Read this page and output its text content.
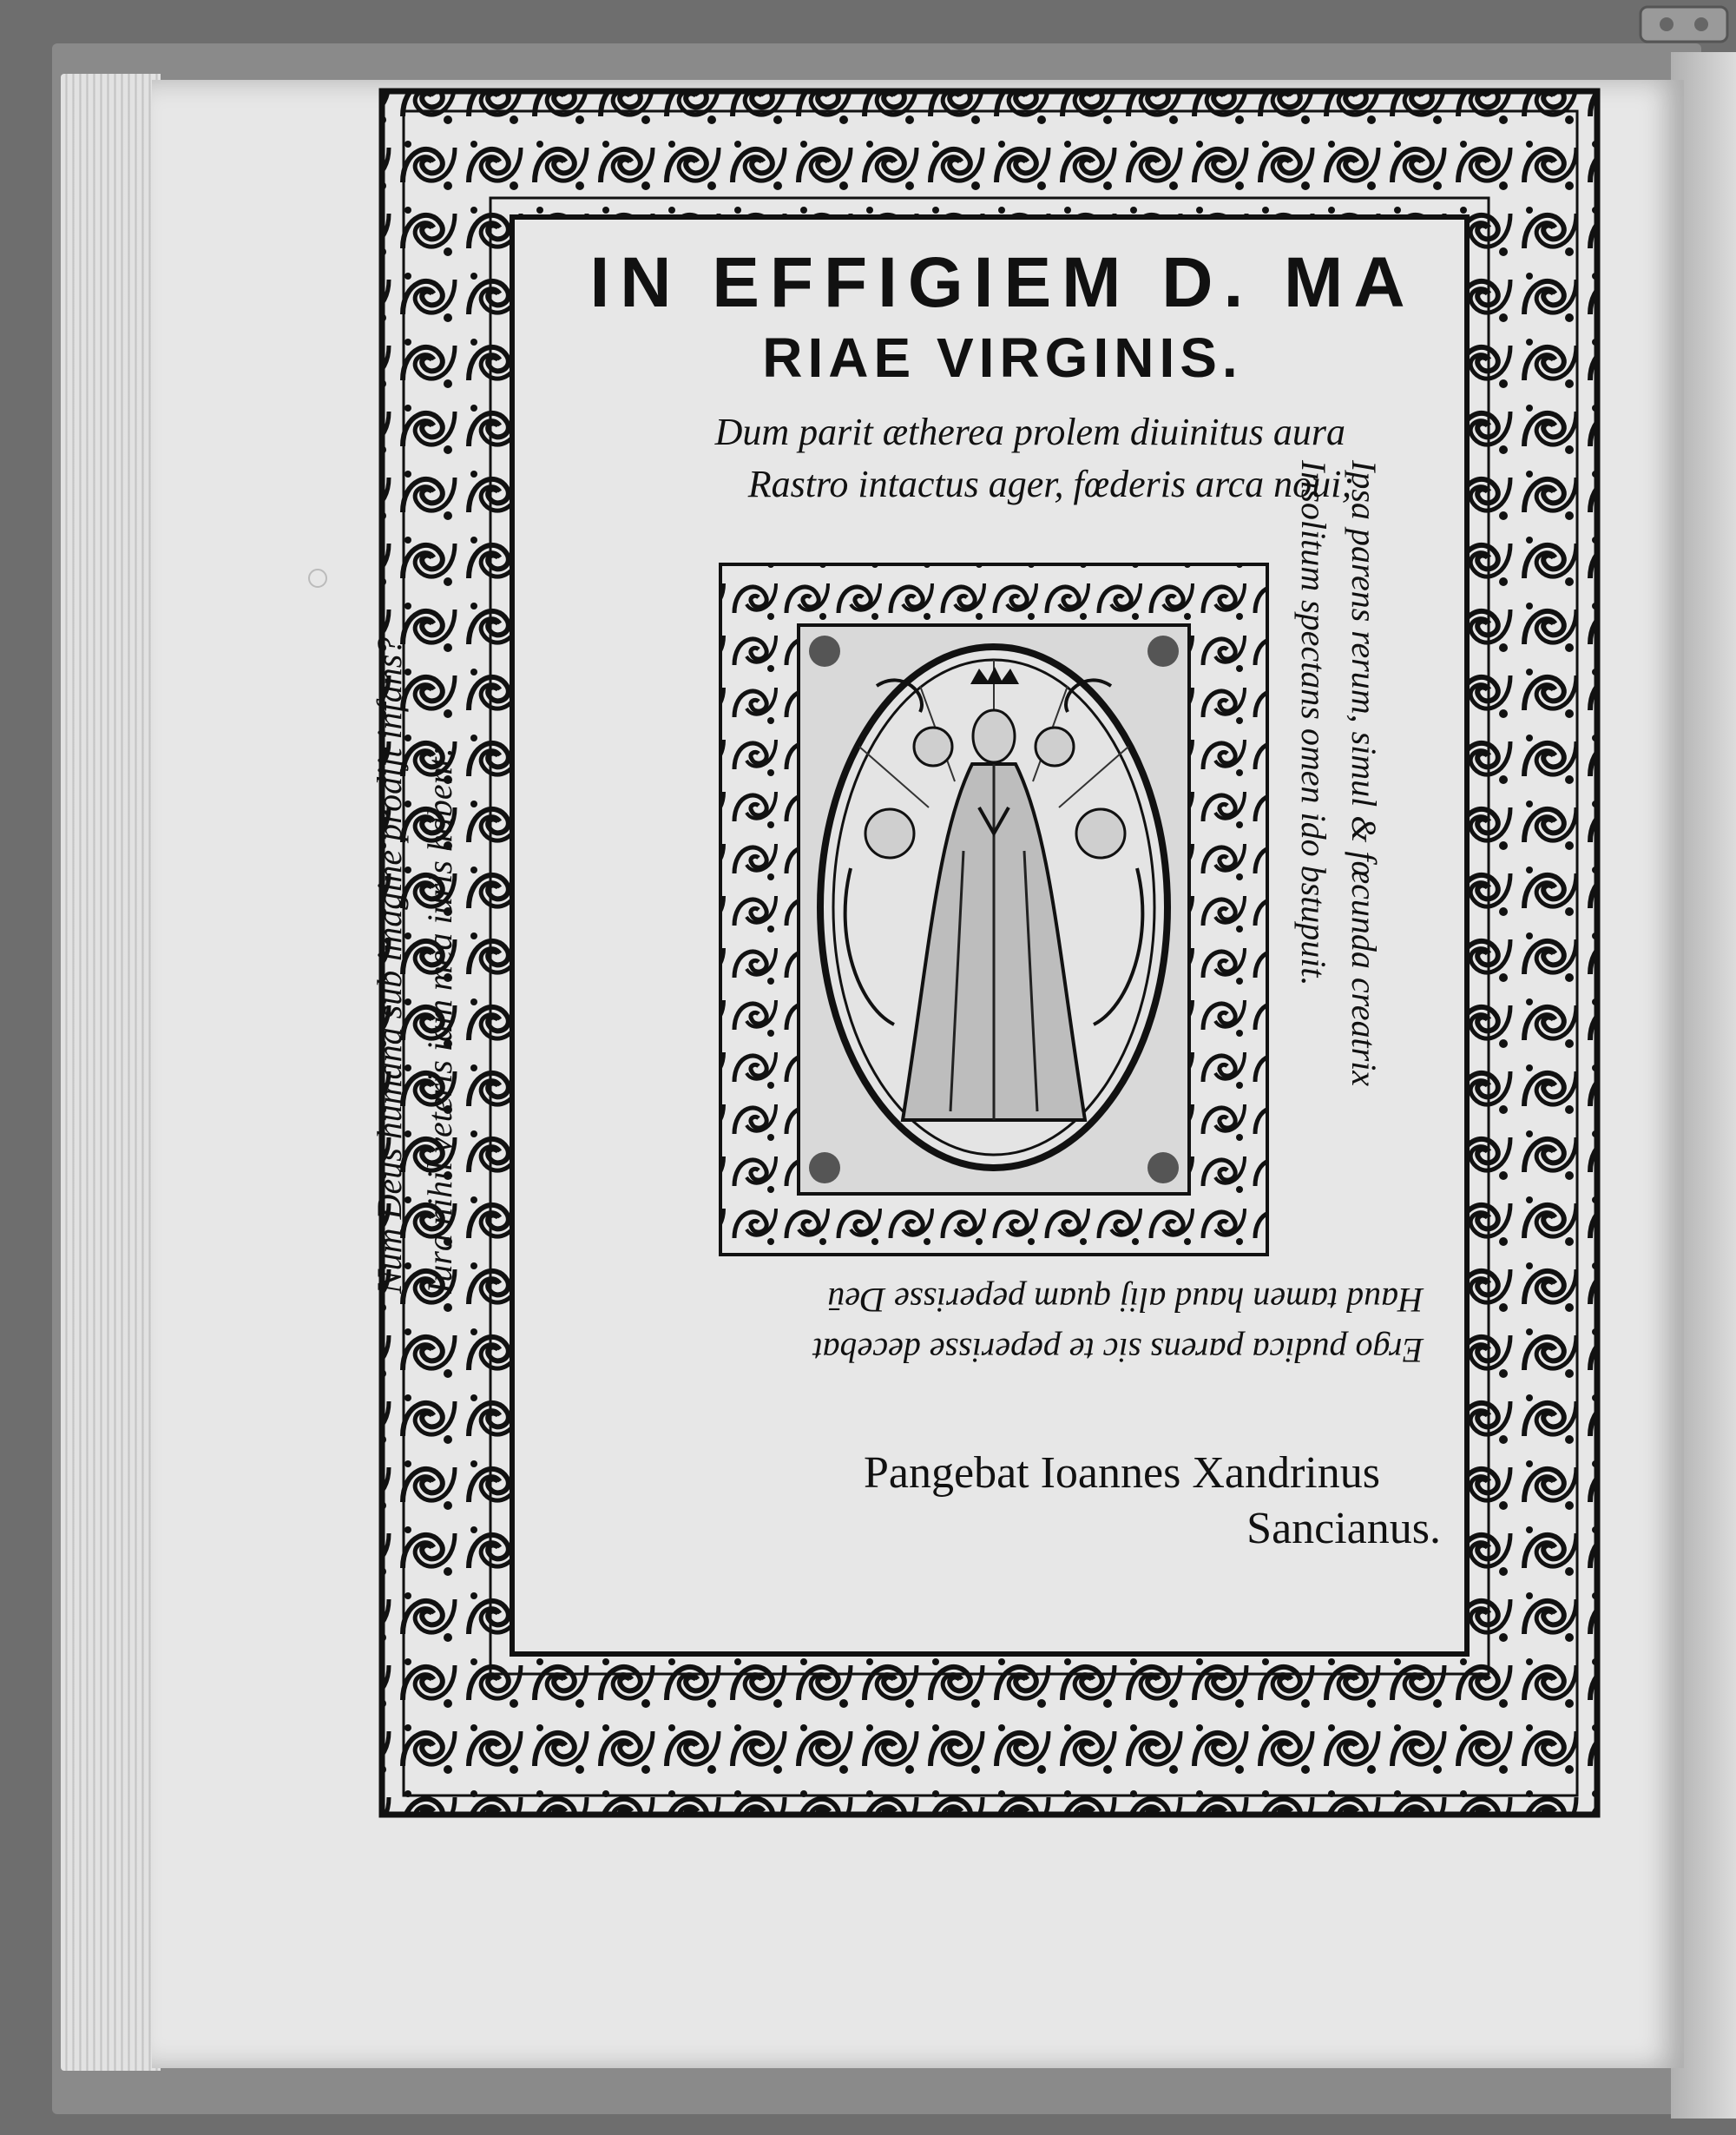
IN EFFIGIEM D. MA
RIAE VIRGINIS.
Dum parit æthereа prolem diuinitus aura
Rastro intactus ager, fœderis arca noui;
Ipsa parens rerum, simul & fœcunda creatrix
Insolitum spectans omen ido bstupuit.
Num Deus humana sub imagine prodijt infans? Iura nihil veteris iam mea iuris habent:
Ergo pudica parens sic te peperisse decebat
Haud tamen haud alij quam peperisse Deū
Pangebat Ioannes Xandrinus
Sancianus.
